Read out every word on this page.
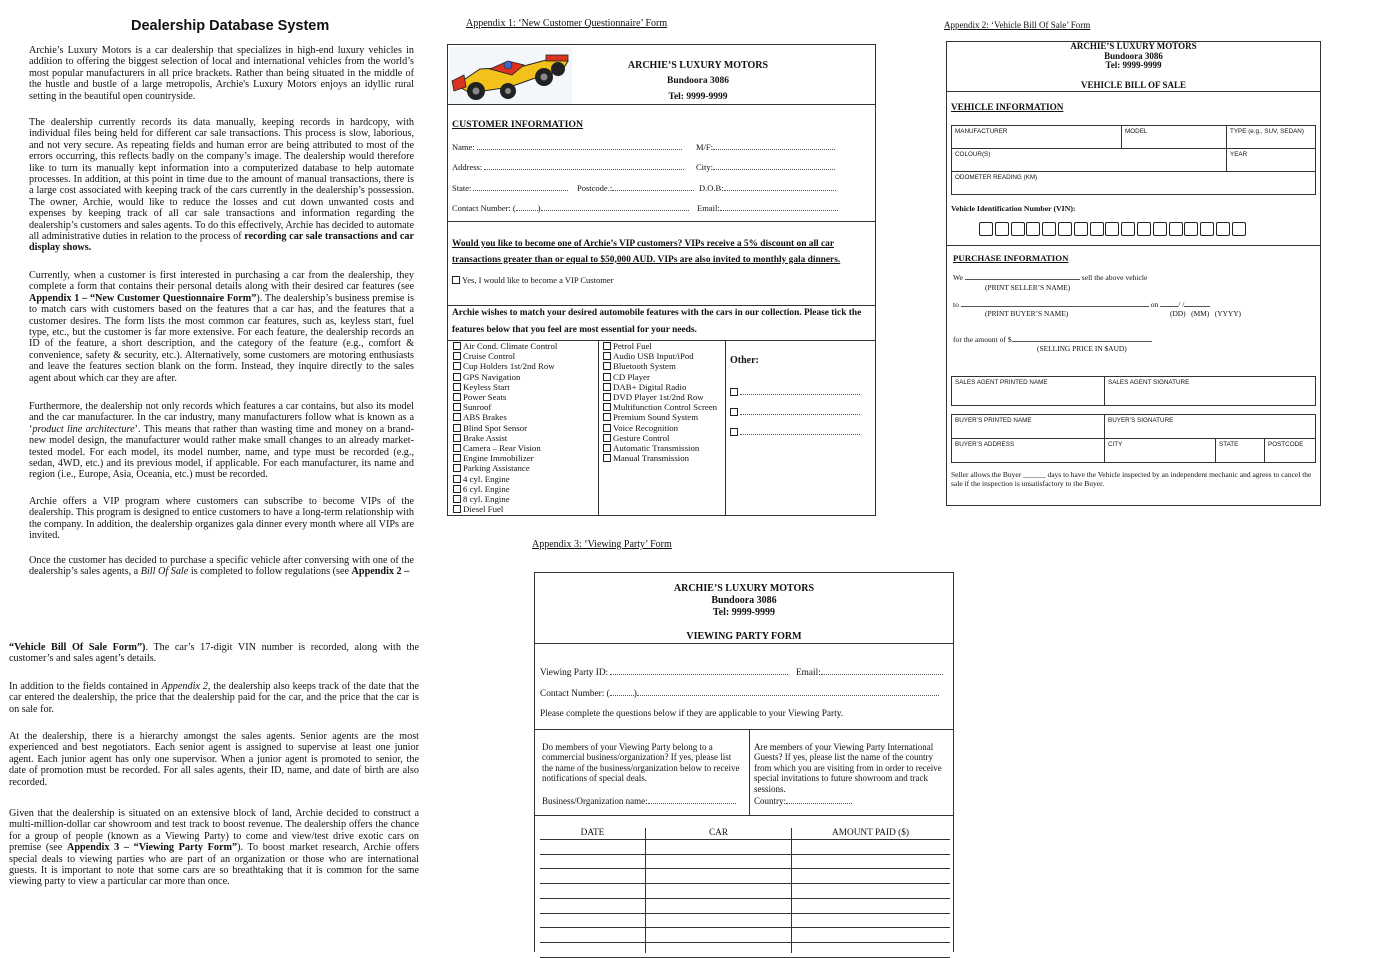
Dealership Database System

Archie’s Luxury Motors is a car dealership that specializes in high-end luxury vehicles in addition to offering the biggest selection of local and international vehicles from the world’s most popular manufacturers in all price brackets. Rather than being situated in the middle of the hustle and bustle of a large metropolis, Archie's Luxury Motors enjoys an idyllic rural setting in the beautiful open countryside.

The dealership currently records its data manually, keeping records in hardcopy, with individual files being held for different car sale transactions. This process is slow, laborious, and not very secure. As repeating fields and human error are being attributed to most of the errors occurring, this reflects badly on the company’s image. The dealership would therefore like to turn its manually kept information into a computerized database to help automate processes. In addition, at this point in time due to the amount of manual transactions, there is a large cost associated with keeping track of the cars currently in the dealership’s possession. The owner, Archie, would like to reduce the losses and cut down unwanted costs and expenses by keeping track of all car sale transactions and information regarding the dealership’s customers and sales agents. To do this effectively, Archie has decided to automate all administrative duties in relation to the process of recording car sale transactions and car display shows.

Currently, when a customer is first interested in purchasing a car from the dealership, they complete a form that contains their personal details along with their desired car features (see Appendix 1 – “New Customer Questionnaire Form”). The dealership’s business premise is to match cars with customers based on the features that a car has, and the features that a customer desires. The form lists the most common car features, such as, keyless start, fuel type, etc., but the customer is far more extensive. For each feature, the dealership records an ID of the feature, a short description, and the category of the feature (e.g., comfort & convenience, safety & security, etc.). Alternatively, some customers are motoring enthusiasts and leave the features section blank on the form. Instead, they inquire directly to the sales agent about which car they are after.

Furthermore, the dealership not only records which features a car contains, but also its model and the car manufacturer. In the car industry, many manufacturers follow what is known as a ‘product line architecture’. This means that rather than wasting time and money on a brand-new model design, the manufacturer would rather make small changes to an already market-tested model. For each model, its model number, name, and type must be recorded (e.g., sedan, 4WD, etc.) and its previous model, if applicable. For each manufacturer, its name and region (i.e., Europe, Asia, Oceania, etc.) must be recorded.

Archie offers a VIP program where customers can subscribe to become VIPs of the dealership. This program is designed to entice customers to have a long-term relationship with the company. In addition, the dealership organizes gala dinner every month where all VIPs are invited.

Once the customer has decided to purchase a specific vehicle after conversing with one of the dealership’s sales agents, a Bill Of Sale is completed to follow regulations (see Appendix 2 –

“Vehicle Bill Of Sale Form”). The car’s 17-digit VIN number is recorded, along with the customer’s and sales agent’s details.

In addition to the fields contained in Appendix 2, the dealership also keeps track of the date that the car entered the dealership, the price that the dealership paid for the car, and the price that the car is on sale for.

At the dealership, there is a hierarchy amongst the sales agents. Senior agents are the most experienced and best negotiators. Each senior agent is assigned to supervise at least one junior agent. Each junior agent has only one supervisor. When a junior agent is promoted to senior, the date of promotion must be recorded. For all sales agents, their ID, name, and date of birth are also recorded.

Given that the dealership is situated on an extensive block of land, Archie decided to construct a multi-million-dollar car showroom and test track to boost revenue. The dealership offers the chance for a group of people (known as a Viewing Party) to come and view/test drive exotic cars on premise (see Appendix 3 – “Viewing Party Form”). To boost market research, Archie offers special deals to viewing parties who are part of an organization or those who are international guests. It is important to note that some cars are so breathtaking that it is common for the same viewing party to view a particular car more than once.

Appendix 1: ‘New Customer Questionnaire’ Form
ARCHIE’S LUXURY MOTORS
Bundoora 3086
Tel: 9999-9999
CUSTOMER INFORMATION
Name:	M/F:
Address:	City:
State:	Postcode.:	D.O.B:
Contact Number: (	)	Email:
Would you like to become one of Archie’s VIP customers? VIPs receive a 5% discount on all car transactions greater than or equal to $50,000 AUD. VIPs are also invited to monthly gala dinners.
Yes, I would like to become a VIP Customer
Archie wishes to match your desired automobile features with the cars in our collection. Please tick the features below that you feel are most essential for your needs.
Air Cond. Climate Control
Cruise Control
Cup Holders 1st/2nd Row
GPS Navigation
Keyless Start
Power Seats
Sunroof
ABS Brakes
Blind Spot Sensor
Brake Assist
Camera – Rear Vision
Engine Immobilizer
Parking Assistance
4 cyl. Engine
6 cyl. Engine
8 cyl. Engine
Diesel Fuel
Petrol Fuel
Audio USB Input/iPod
Bluetooth System
CD Player
DAB+ Digital Radio
DVD Player 1st/2nd Row
Multifunction Control Screen
Premium Sound System
Voice Recognition
Gesture Control
Automatic Transmission
Manual Transmission
Other:
Appendix 2: ‘Vehicle Bill Of Sale’ Form
ARCHIE’S LUXURY MOTORS
Bundoora 3086
Tel: 9999-9999
VEHICLE BILL OF SALE
VEHICLE INFORMATION
MANUFACTURER	MODEL	TYPE (e.g., SUV, SEDAN)
COLOUR(S)	YEAR
ODOMETER READING (KM)
Vehicle Identification Number (VIN):
PURCHASE INFORMATION
We	sell the above vehicle
(PRINT SELLER’S NAME)
to	on	/ /
(PRINT BUYER’S NAME)	(DD)   (MM)   (YYYY)
for the amount of $
(SELLING PRICE IN $AUD)
SALES AGENT PRINTED NAME	SALES AGENT SIGNATURE
BUYER’S PRINTED NAME	BUYER’S SIGNATURE
BUYER’S ADDRESS	CITY	STATE	POSTCODE
Seller allows the Buyer ______ days to have the Vehicle inspected by an independent mechanic and agrees to cancel the sale if the inspection is unsatisfactory to the Buyer.
Appendix 3: ‘Viewing Party’ Form
ARCHIE’S LUXURY MOTORS
Bundoora 3086
Tel: 9999-9999
VIEWING PARTY FORM
Viewing Party ID:	Email:
Contact Number: (	)
Please complete the questions below if they are applicable to your Viewing Party.
Do members of your Viewing Party belong to a commercial business/organization? If yes, please list the name of the business/organization below to receive notifications of special deals.
Business/Organization name:
Are members of your Viewing Party International Guests? If yes, please list the name of the country from which you are visiting from in order to receive special invitations to future showroom and track sessions.
Country:
DATE	CAR	AMOUNT PAID ($)
